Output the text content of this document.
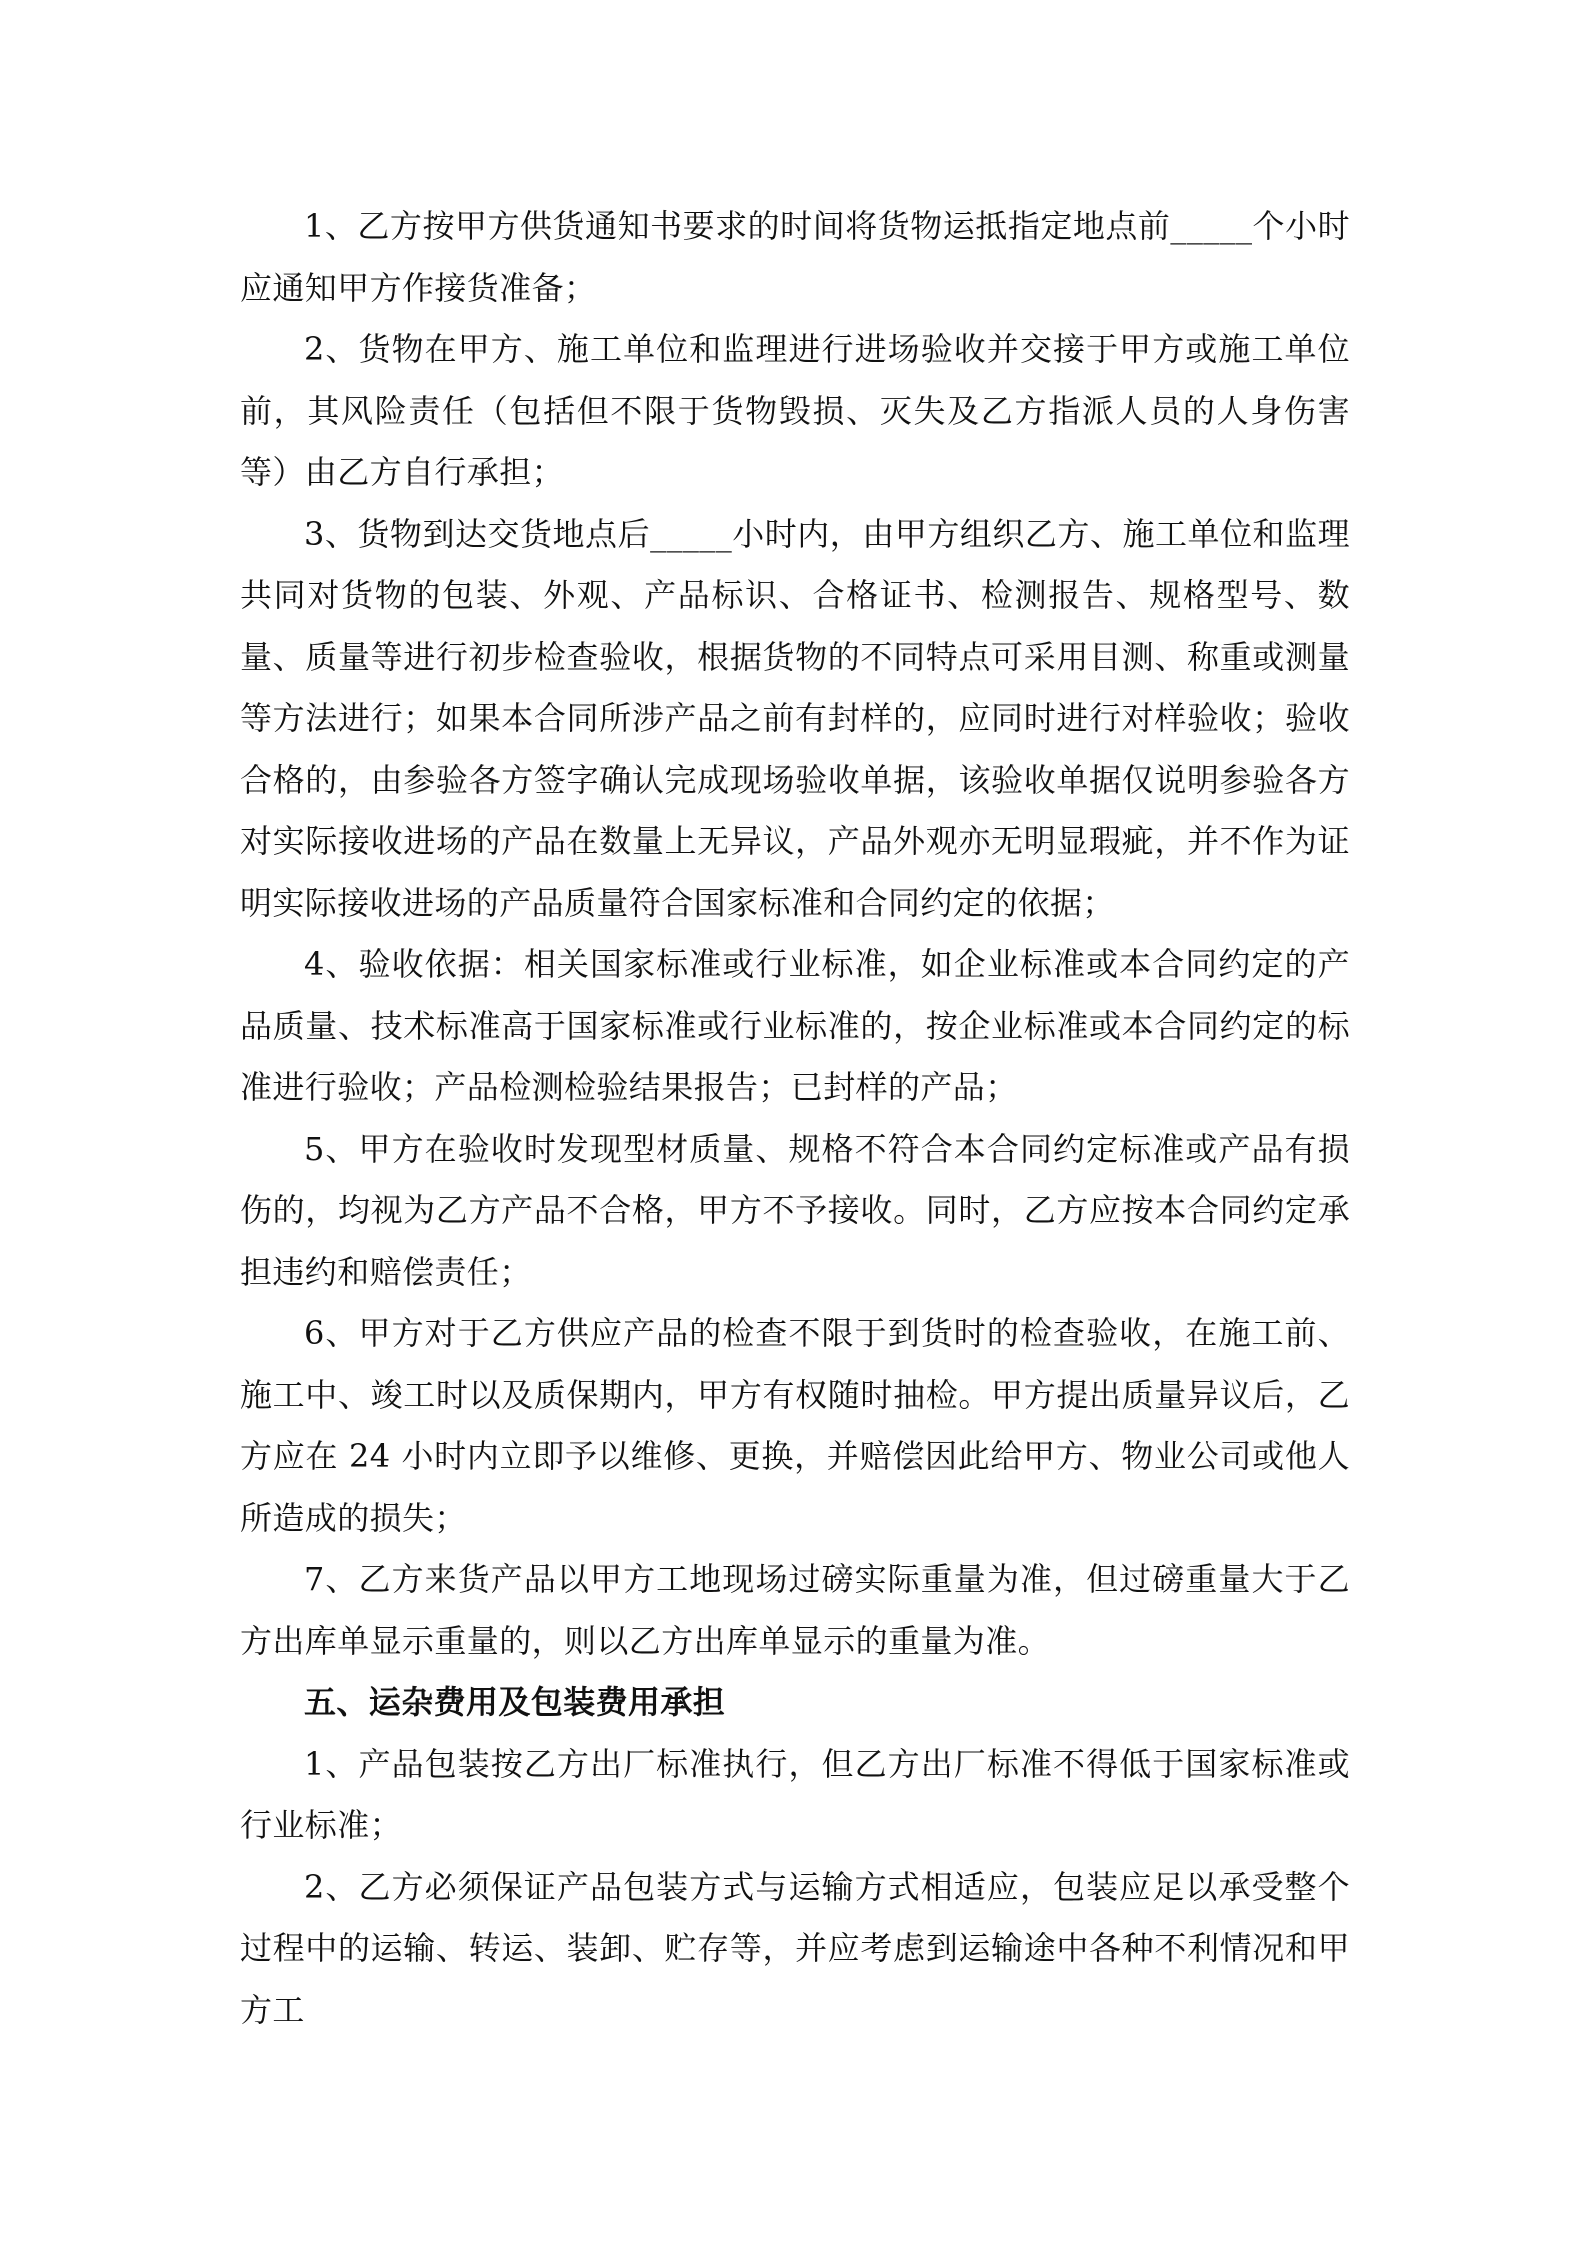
1、乙方按甲方供货通知书要求的时间将货物运抵指定地点前_____个小时应通知甲方作接货准备；

2、货物在甲方、施工单位和监理进行进场验收并交接于甲方或施工单位前，其风险责任（包括但不限于货物毁损、灭失及乙方指派人员的人身伤害等）由乙方自行承担；

3、货物到达交货地点后_____小时内，由甲方组织乙方、施工单位和监理共同对货物的包装、外观、产品标识、合格证书、检测报告、规格型号、数量、质量等进行初步检查验收，根据货物的不同特点可采用目测、称重或测量等方法进行；如果本合同所涉产品之前有封样的，应同时进行对样验收；验收合格的，由参验各方签字确认完成现场验收单据，该验收单据仅说明参验各方对实际接收进场的产品在数量上无异议，产品外观亦无明显瑕疵，并不作为证明实际接收进场的产品质量符合国家标准和合同约定的依据；

4、验收依据：相关国家标准或行业标准，如企业标准或本合同约定的产品质量、技术标准高于国家标准或行业标准的，按企业标准或本合同约定的标准进行验收；产品检测检验结果报告；已封样的产品；

5、甲方在验收时发现型材质量、规格不符合本合同约定标准或产品有损伤的，均视为乙方产品不合格，甲方不予接收。同时，乙方应按本合同约定承担违约和赔偿责任；

6、甲方对于乙方供应产品的检查不限于到货时的检查验收，在施工前、施工中、竣工时以及质保期内，甲方有权随时抽检。甲方提出质量异议后，乙方应在 24 小时内立即予以维修、更换，并赔偿因此给甲方、物业公司或他人所造成的损失；

7、乙方来货产品以甲方工地现场过磅实际重量为准，但过磅重量大于乙方出库单显示重量的，则以乙方出库单显示的重量为准。

五、运杂费用及包装费用承担

1、产品包装按乙方出厂标准执行，但乙方出厂标准不得低于国家标准或行业标准；

2、乙方必须保证产品包装方式与运输方式相适应，包装应足以承受整个过程中的运输、转运、装卸、贮存等，并应考虑到运输途中各种不利情况和甲方工
